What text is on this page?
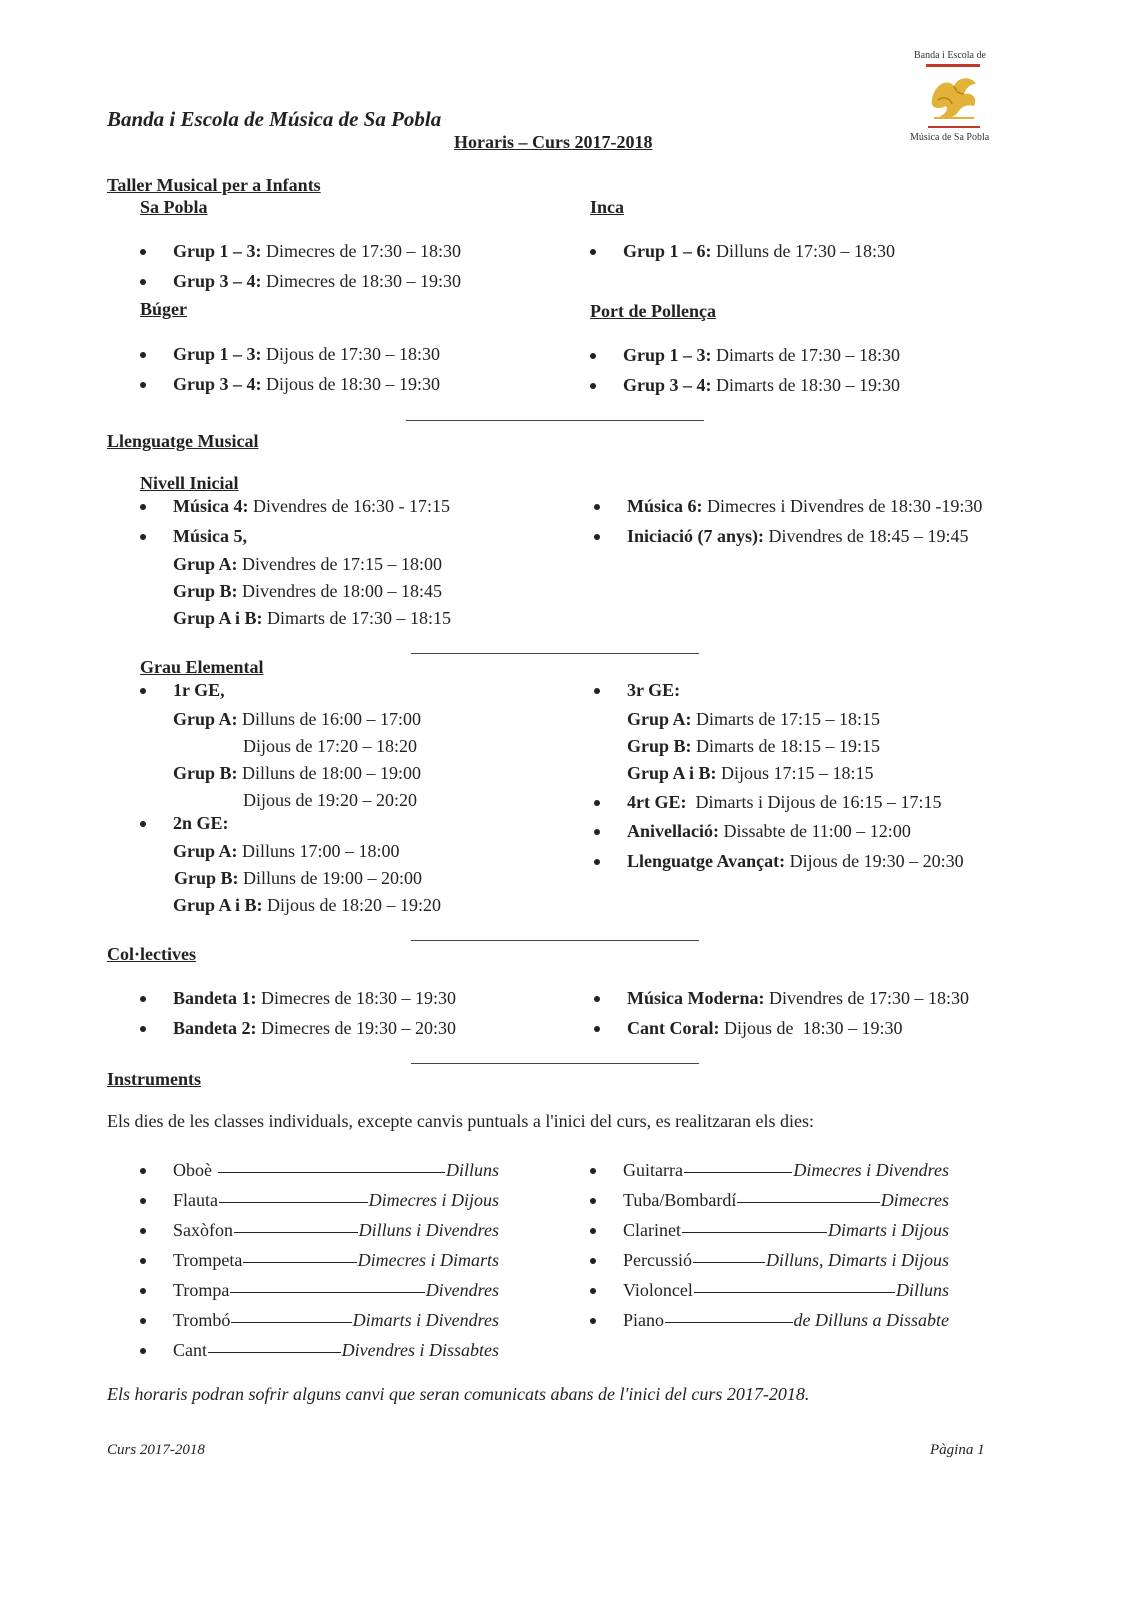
Banda i Escola de Música de Sa Pobla
Horaris – Curs 2017-2018
Banda i Escola de
Música de Sa Pobla
Taller Musical per a Infants
Sa Pobla
Grup 1 – 3: Dimecres de 17:30 – 18:30
Grup 3 – 4: Dimecres de 18:30 – 19:30
Inca
Grup 1 – 6: Dilluns de 17:30 – 18:30
Búger
Grup 1 – 3: Dijous de 17:30 – 18:30
Grup 3 – 4: Dijous de 18:30 – 19:30
Port de Pollença
Grup 1 – 3: Dimarts de 17:30 – 18:30
Grup 3 – 4: Dimarts de 18:30 – 19:30
Llenguatge Musical
Nivell Inicial
Música 4: Divendres de 16:30 - 17:15
Música 5,
Grup A: Divendres de 17:15 – 18:00
Grup B: Divendres de 18:00 – 18:45
Grup A i B: Dimarts de 17:30 – 18:15
Música 6: Dimecres i Divendres de 18:30 -19:30
Iniciació (7 anys): Divendres de 18:45 – 19:45
Grau Elemental
1r GE,
Grup A: Dilluns de 16:00 – 17:00
Dijous de 17:20 – 18:20
Grup B: Dilluns de 18:00 – 19:00
Dijous de 19:20 – 20:20
2n GE:
Grup A: Dilluns 17:00 – 18:00
Grup B: Dilluns de 19:00 – 20:00
Grup A i B: Dijous de 18:20 – 19:20
3r GE:
Grup A: Dimarts de 17:15 – 18:15
Grup B: Dimarts de 18:15 – 19:15
Grup A i B: Dijous 17:15 – 18:15
4rt GE:  Dimarts i Dijous de 16:15 – 17:15
Anivellació: Dissabte de 11:00 – 12:00
Llenguatge Avançat: Dijous de 19:30 – 20:30
Col·lectives
Bandeta 1: Dimecres de 18:30 – 19:30
Bandeta 2: Dimecres de 19:30 – 20:30
Música Moderna: Divendres de 17:30 – 18:30
Cant Coral: Dijous de  18:30 – 19:30
Instruments
Els dies de les classes individuals, excepte canvis puntuals a l'inici del curs, es realitzaran els dies:
Oboè	Dilluns
Flauta	Dimecres i Dijous
Saxòfon	Dilluns i Divendres
Trompeta	Dimecres i Dimarts
Trompa	Divendres
Trombó	Dimarts i Divendres
Cant	Divendres i Dissabtes
Guitarra	Dimecres i Divendres
Tuba/Bombardí	Dimecres
Clarinet	Dimarts i Dijous
Percussió	Dilluns, Dimarts i Dijous
Violoncel	Dilluns
Piano	de Dilluns a Dissabte
Els horaris podran sofrir alguns canvi que seran comunicats abans de l'inici del curs 2017-2018.
Curs 2017-2018	Pàgina 1
